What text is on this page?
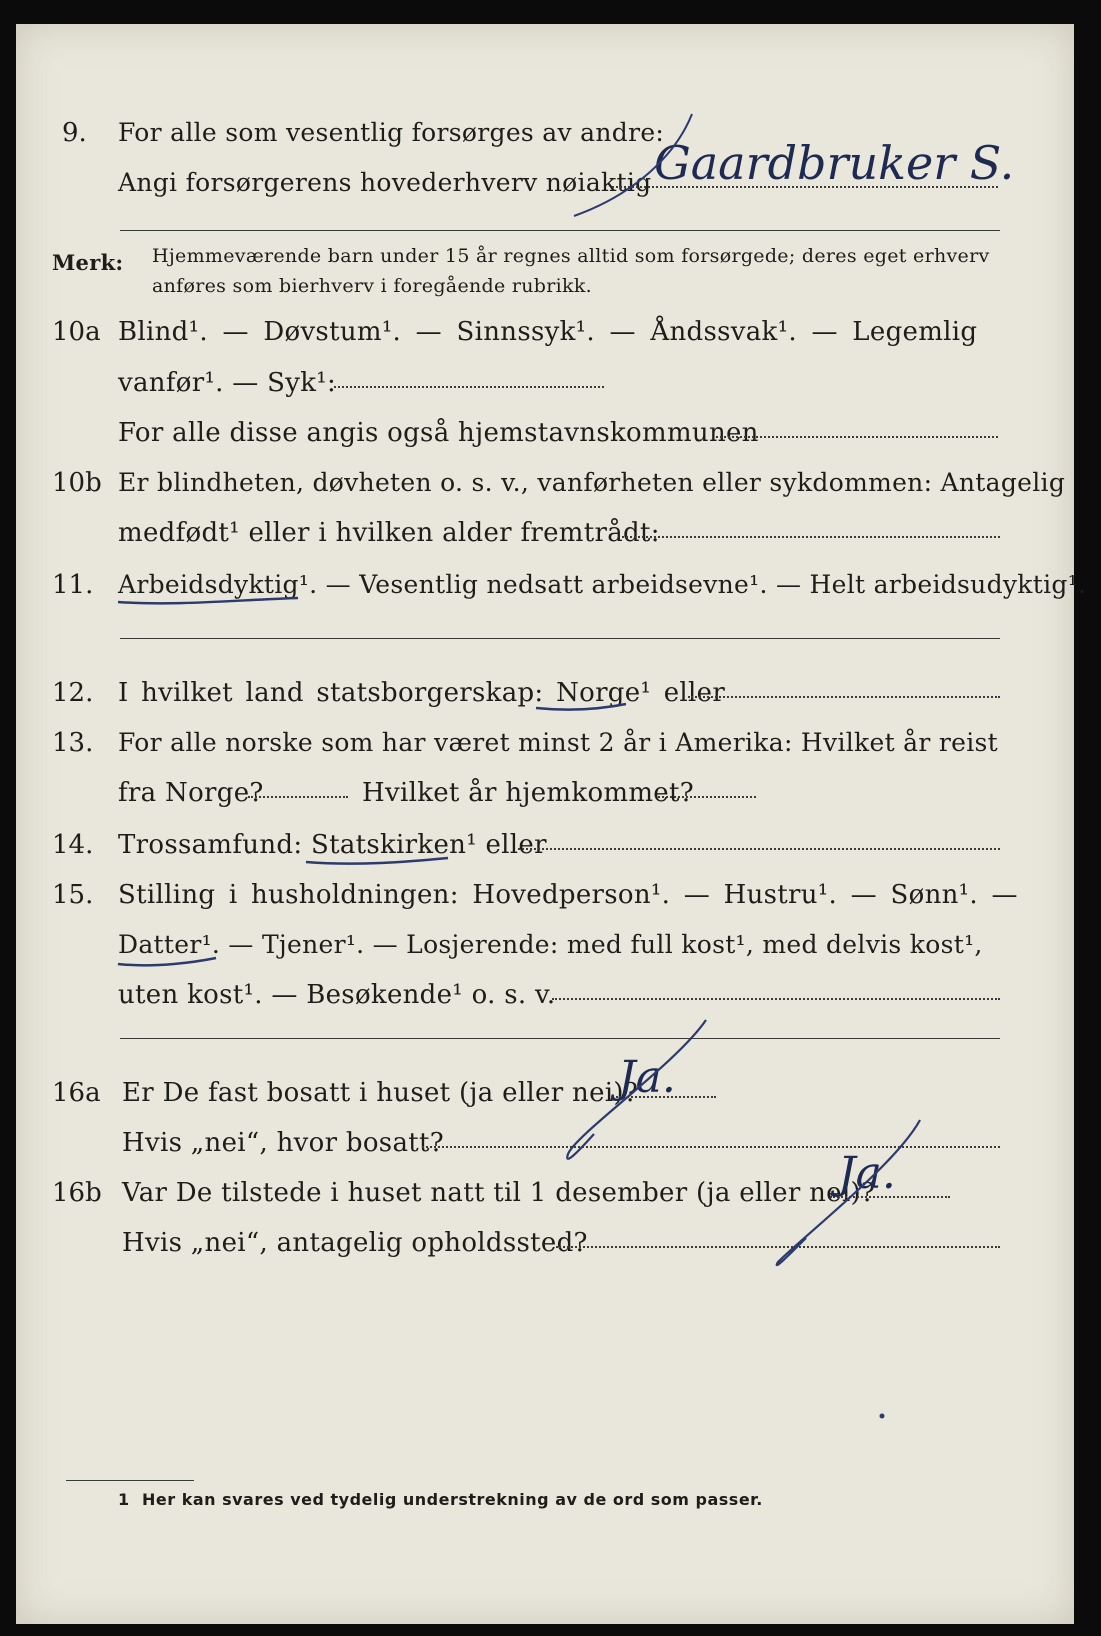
9. For alle som vesentlig forsørges av andre:
Angi forsørgerens hovederhverv nøiaktig Gaardbruker S.
Merk: Hjemmeværende barn under 15 år regnes alltid som forsørgede; deres eget erhverv
anføres som bierhverv i foregående rubrikk.
10a Blind¹. — Døvstum¹. — Sinnssyk¹. — Åndssvak¹. — Legemlig
vanfør¹. — Syk¹:
For alle disse angis også hjemstavnskommunen
10b Er blindheten, døvheten o. s. v., vanførheten eller sykdommen: Antagelig
medfødt¹ eller i hvilken alder fremtrådt:
11. Arbeidsdyktig¹. — Vesentlig nedsatt arbeidsevne¹. — Helt arbeidsudyktig¹.
12. I hvilket land statsborgerskap: Norge¹ eller
13. For alle norske som har været minst 2 år i Amerika: Hvilket år reist
fra Norge?	Hvilket år hjemkommet?
14. Trossamfund: Statskirken¹ eller
15. Stilling i husholdningen: Hovedperson¹. — Hustru¹. — Sønn¹. —
Datter¹. — Tjener¹. — Losjerende: med full kost¹, med delvis kost¹,
uten kost¹. — Besøkende¹ o. s. v.
16a Er De fast bosatt i huset (ja eller nei)?
Ja.
Hvis „nei“, hvor bosatt?
16b Var De tilstede i huset natt til 1 desember (ja eller nei)?
Ja.
Hvis „nei“, antagelig opholdssted?
1 Her kan svares ved tydelig understrekning av de ord som passer.
